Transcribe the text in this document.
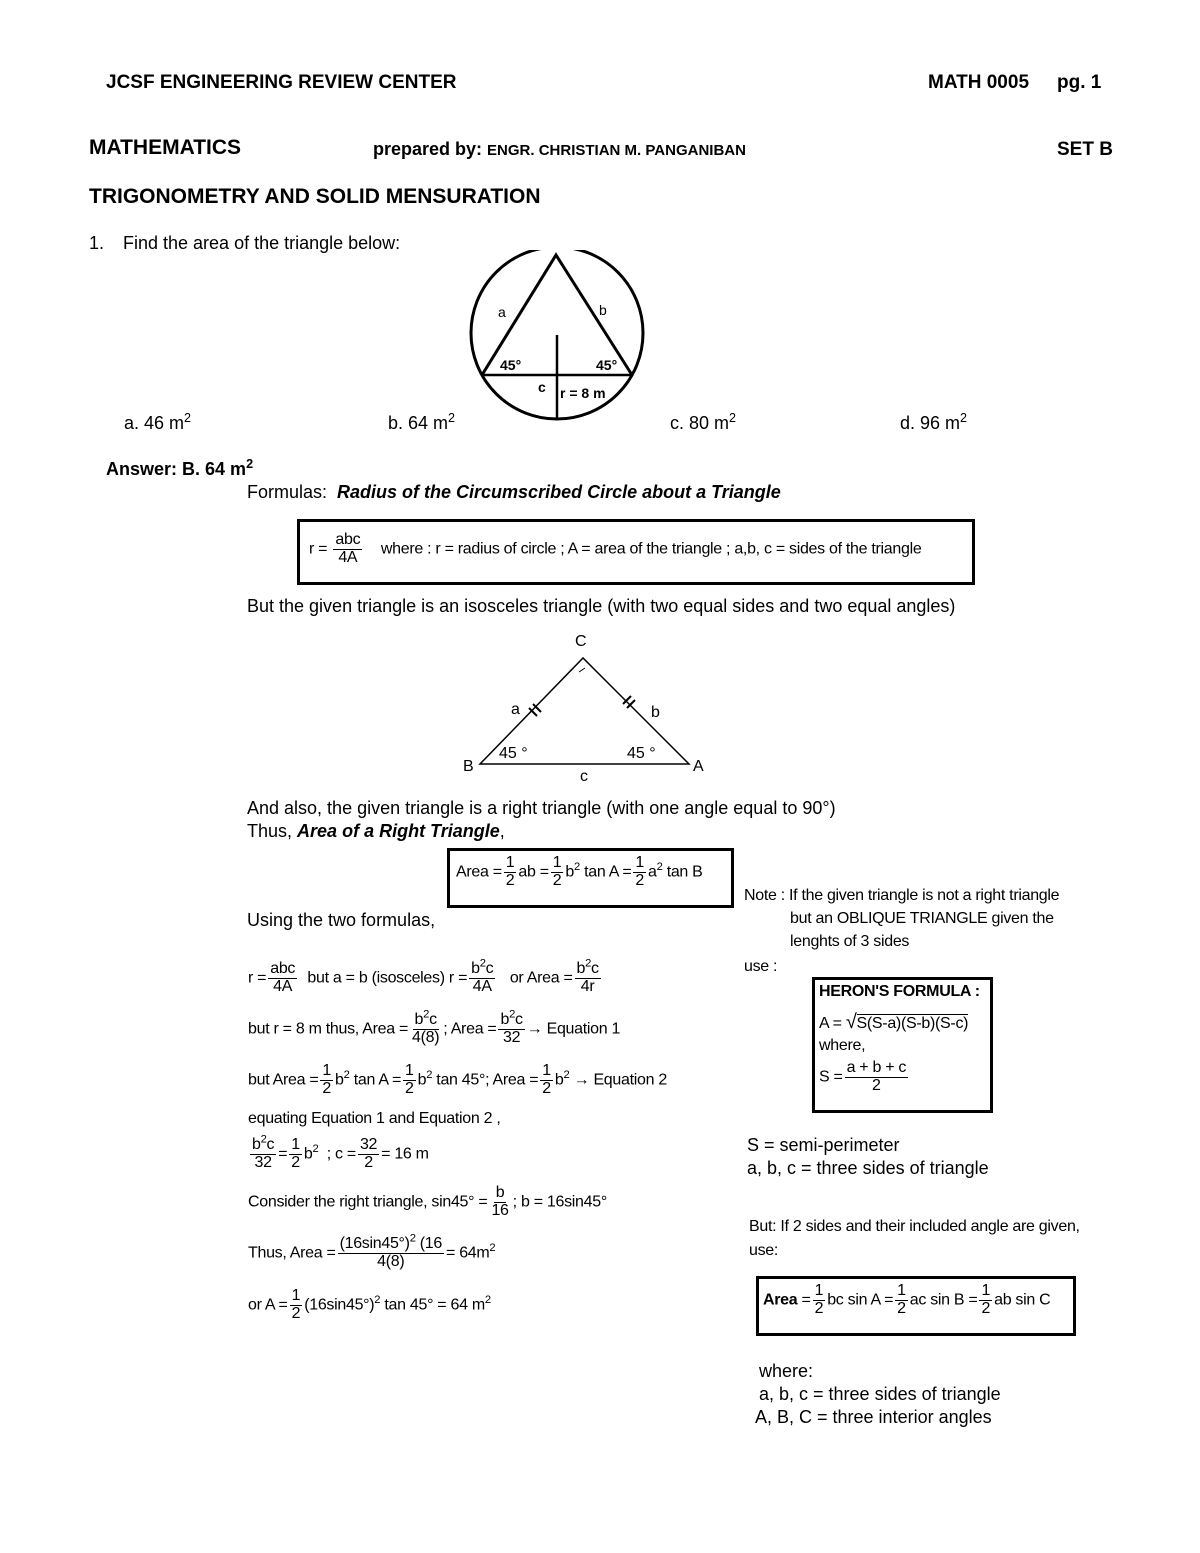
JCSF ENGINEERING REVIEW CENTER	MATH 0005 pg. 1
MATHEMATICS	prepared by: ENGR. CHRISTIAN M. PANGANIBAN	SET B
TRIGONOMETRY AND SOLID MENSURATION
1. Find the area of the triangle below:
a	b
45°	45°
c r = 8 m
a. 46 $m^2$	b. 64 $m^2$	c. 80 $m^2$	d. 96 $m^2$
Answer: B. 64 $m^2$
Formulas: Radius of the Circumscribed Circle about a Triangle
$r = \frac{\text{abc}}{4A}$ where : r = radius of circle ; A = area of the triangle ; a,b, c = sides of the triangle
But the given triangle is an isosceles triangle (with two equal sides and two equal angles)
C
B	A
a	b
c
45 °	45 °
And also, the given triangle is a right triangle (with one angle equal to 90°)
Thus, Area of a Right Triangle,
Area = $\frac{1}{2}$ ab = $\frac{1}{2} b^2$ $\tan A = \frac{1}{2} a^2$ tan B
Using the two formulas,
$r = \frac{\text{abc}}{4A}$ but a = b (isosceles) $r = \frac{b^2c}{4A}$ or Area = $\frac{b^2c}{4r}$
but r = 8 m thus, Area = $\frac{b^2c}{4(8)}$ ; Area = $\frac{b^2c}{32}$ → Equation 1
but Area = $\frac{1}{2} b^2$ $\tan A = \frac{1}{2} b^2$ tan 45°; Area = $\frac{1}{2} b^2$ → Equation 2
equating Equation 1 and Equation 2 ,
$\frac{b^2c}{32} = \frac{1}{2} b^2$  ; $c = \frac{32}{2} = 16$ m
Consider the right triangle, $\sin 45^\circ = \frac{b}{16}$ ; b = 16sin45°
Thus, Area = $\frac{(16\sin 45^\circ)^2 (16}{4(8)} = 64m^2$
or $A = \frac{1}{2} (16\sin 45^\circ)^2$ tan 45° = 64 $m^2$
Note : If the given triangle is not a right triangle
but an OBLIQUE TRIANGLE given the
lenghts of 3 sides
use :
HERON'S FORMULA :
A = √S(S-a)(S-b)(S-c)
where,
$S = \frac{a + b + c}{2}$
S = semi-perimeter
a, b, c = three sides of triangle
But: If 2 sides and their included angle are given,
use:
Area = $\frac{1}{2}$ bc $\sin A = \frac{1}{2}$ ac $\sin B = \frac{1}{2}$ ab sin C
where:
a, b, c = three sides of triangle
A, B, C = three interior angles
